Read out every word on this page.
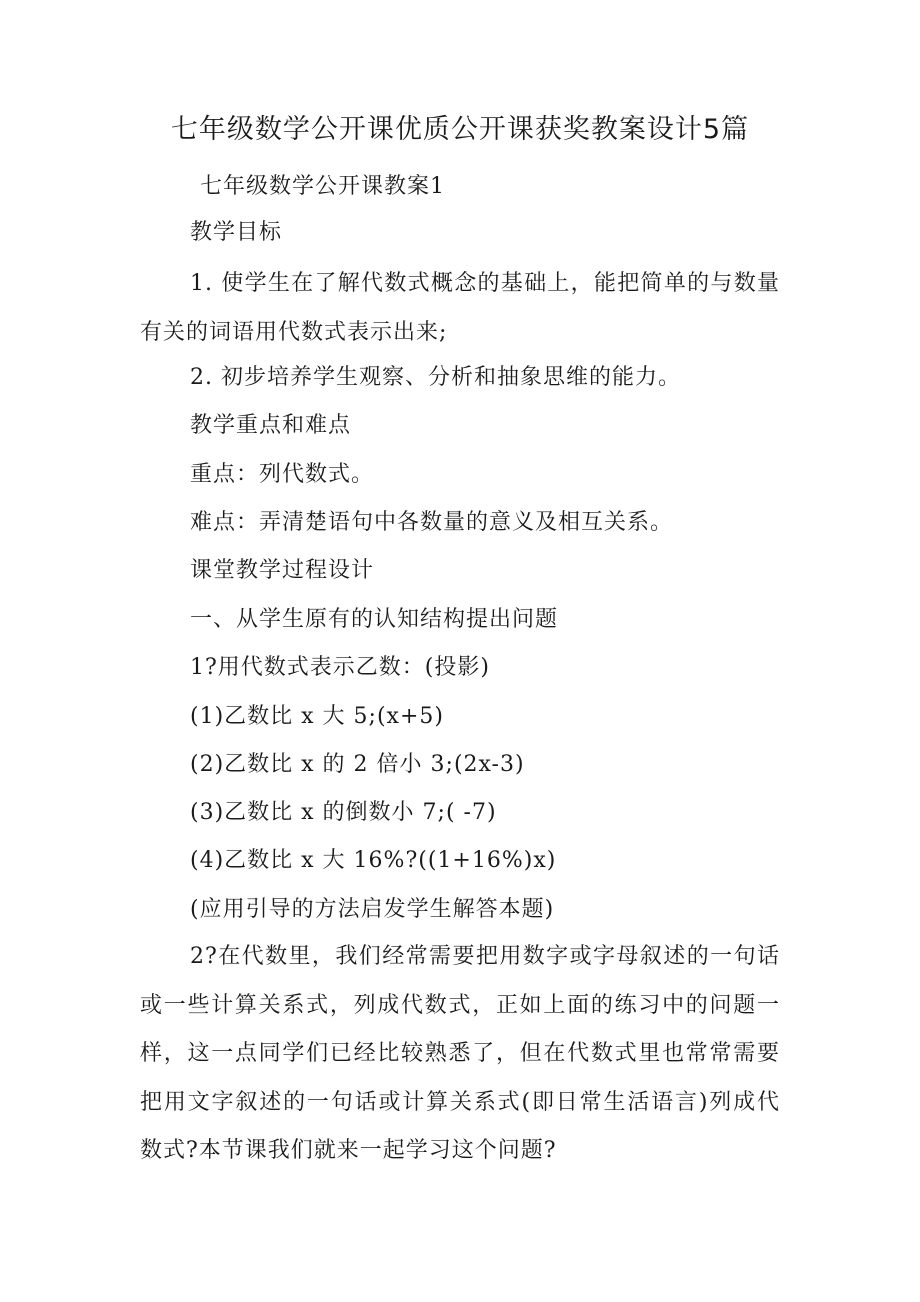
七年级数学公开课优质公开课获奖教案设计5篇
七年级数学公开课教案1
教学目标

1. 使学生在了解代数式概念的基础上，能把简单的与数量有关的词语用代数式表示出来;

2. 初步培养学生观察、分析和抽象思维的能力。
教学重点和难点
重点：列代数式。
难点：弄清楚语句中各数量的意义及相互关系。
课堂教学过程设计
一、从学生原有的认知结构提出问题
1?用代数式表示乙数：(投影)
(1)乙数比 x 大 5;(x+5)
(2)乙数比 x 的 2 倍小 3;(2x-3)
(3)乙数比 x 的倒数小 7;( -7)
(4)乙数比 x 大 16%?((1+16%)x)
(应用引导的方法启发学生解答本题)

2?在代数里，我们经常需要把用数字或字母叙述的一句话或一些计算关系式，列成代数式，正如上面的练习中的问题一样，这一点同学们已经比较熟悉了，但在代数式里也常常需要把用文字叙述的一句话或计算关系式(即日常生活语言)列成代数式?本节课我们就来一起学习这个问题?
